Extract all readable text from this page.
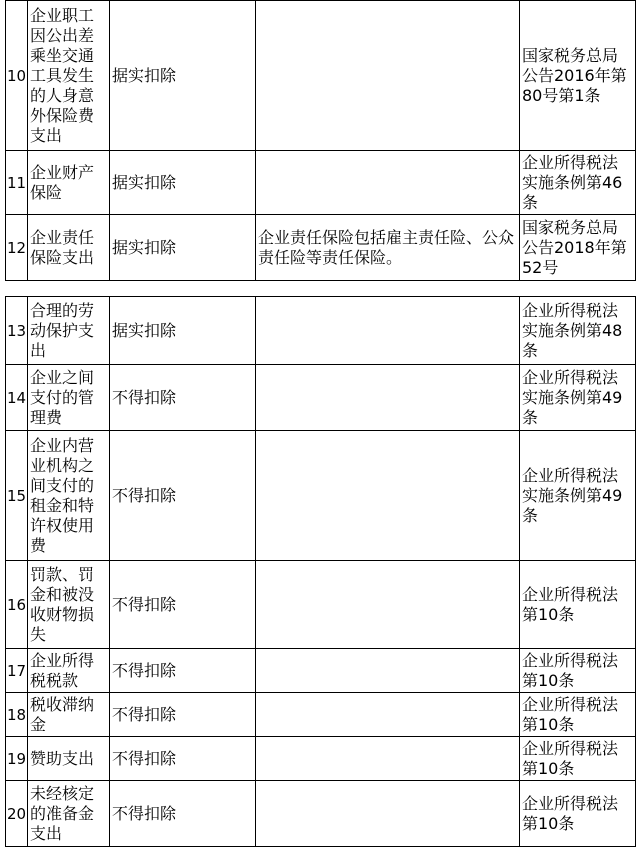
10	企业职工因公出差乘坐交通工具发生的人身意外保险费支出	据实扣除		国家税务总局公告2016年第80号第1条
11	企业财产保险	据实扣除		企业所得税法实施条例第46条
12	企业责任保险支出	据实扣除	企业责任保险包括雇主责任险、公众责任险等责任保险。	国家税务总局公告2018年第52号
13	合理的劳动保护支出	据实扣除		企业所得税法实施条例第48条
14	企业之间支付的管理费	不得扣除		企业所得税法实施条例第49条
15	企业内营业机构之间支付的租金和特许权使用费	不得扣除		企业所得税法实施条例第49条
16	罚款、罚金和被没收财物损失	不得扣除		企业所得税法第10条
17	企业所得税税款	不得扣除		企业所得税法第10条
18	税收滞纳金	不得扣除		企业所得税法第10条
19	赞助支出	不得扣除		企业所得税法第10条
20	未经核定的准备金支出	不得扣除		企业所得税法第10条
